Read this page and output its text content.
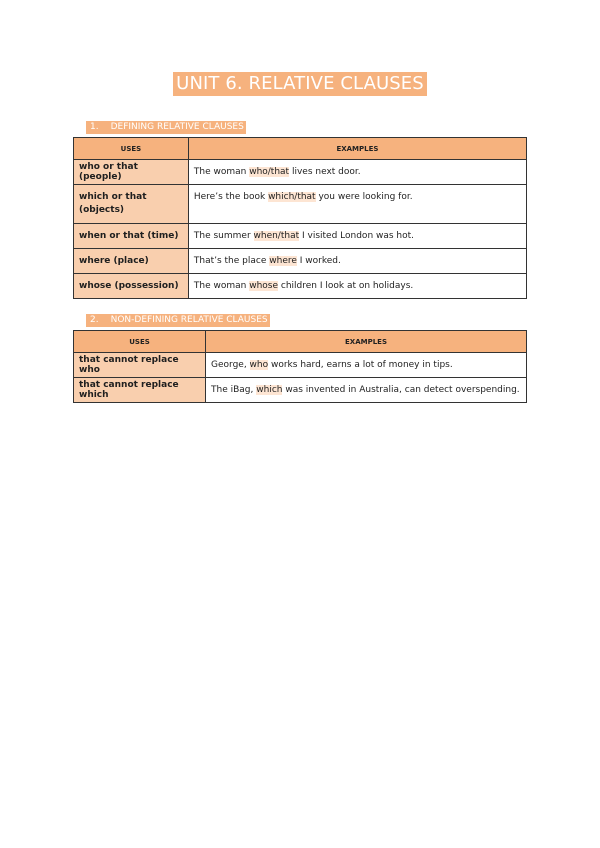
UNIT 6. RELATIVE CLAUSES
1. DEFINING RELATIVE CLAUSES
USES	EXAMPLES
who or that (people)	The woman who/that lives next door.
which or that (objects)	Here’s the book which/that you were looking for.
when or that (time)	The summer when/that I visited London was hot.
where (place)	That’s the place where I worked.
whose (possession)	The woman whose children I look at on holidays.
2. NON-DEFINING RELATIVE CLAUSES
USES	EXAMPLES
that cannot replace who	George, who works hard, earns a lot of money in tips.
that cannot replace which	The iBag, which was invented in Australia, can detect overspending.
